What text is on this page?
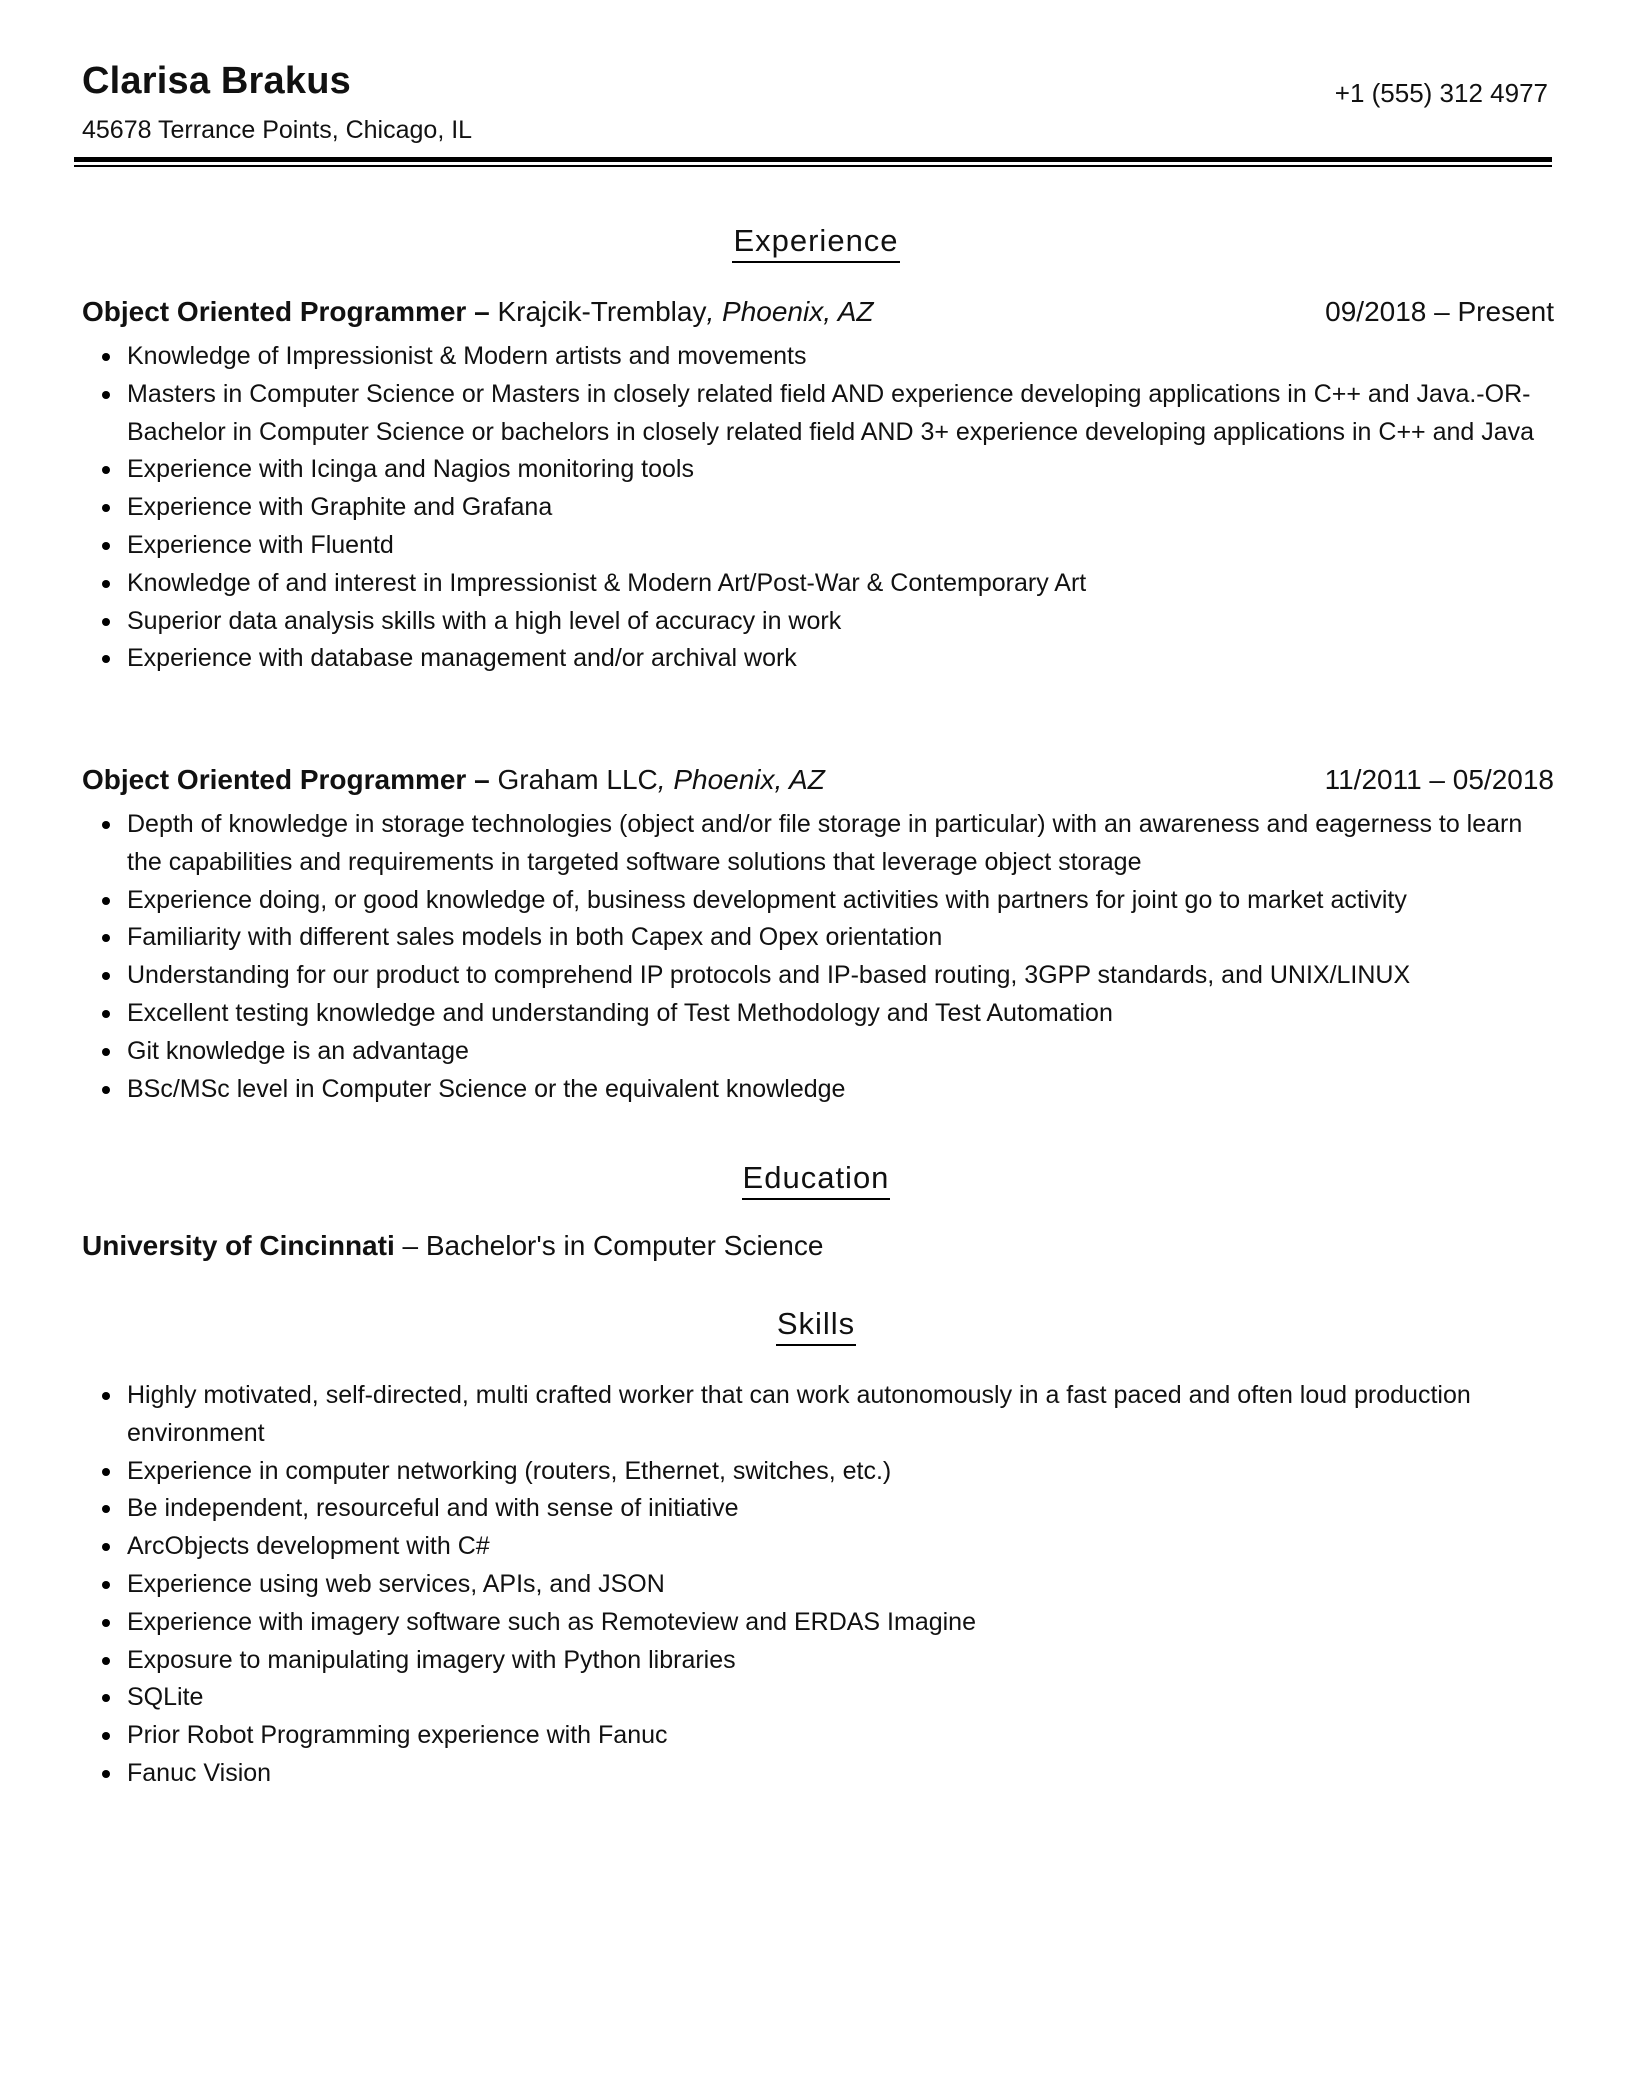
Clarisa Brakus
45678 Terrance Points, Chicago, IL
+1 (555) 312 4977
Experience
Object Oriented Programmer – Krajcik-Tremblay, Phoenix, AZ	09/2018 – Present
Knowledge of Impressionist & Modern artists and movements
Masters in Computer Science or Masters in closely related field AND experience developing applications in C++ and Java.-OR- Bachelor in Computer Science or bachelors in closely related field AND 3+ experience developing applications in C++ and Java
Experience with Icinga and Nagios monitoring tools
Experience with Graphite and Grafana
Experience with Fluentd
Knowledge of and interest in Impressionist & Modern Art/Post-War & Contemporary Art
Superior data analysis skills with a high level of accuracy in work
Experience with database management and/or archival work
Object Oriented Programmer – Graham LLC, Phoenix, AZ	11/2011 – 05/2018
Depth of knowledge in storage technologies (object and/or file storage in particular) with an awareness and eagerness to learn the capabilities and requirements in targeted software solutions that leverage object storage
Experience doing, or good knowledge of, business development activities with partners for joint go to market activity
Familiarity with different sales models in both Capex and Opex orientation
Understanding for our product to comprehend IP protocols and IP-based routing, 3GPP standards, and UNIX/LINUX
Excellent testing knowledge and understanding of Test Methodology and Test Automation
Git knowledge is an advantage
BSc/MSc level in Computer Science or the equivalent knowledge
Education
University of Cincinnati – Bachelor's in Computer Science
Skills
Highly motivated, self-directed, multi crafted worker that can work autonomously in a fast paced and often loud production environment
Experience in computer networking (routers, Ethernet, switches, etc.)
Be independent, resourceful and with sense of initiative
ArcObjects development with C#
Experience using web services, APIs, and JSON
Experience with imagery software such as Remoteview and ERDAS Imagine
Exposure to manipulating imagery with Python libraries
SQLite
Prior Robot Programming experience with Fanuc
Fanuc Vision
